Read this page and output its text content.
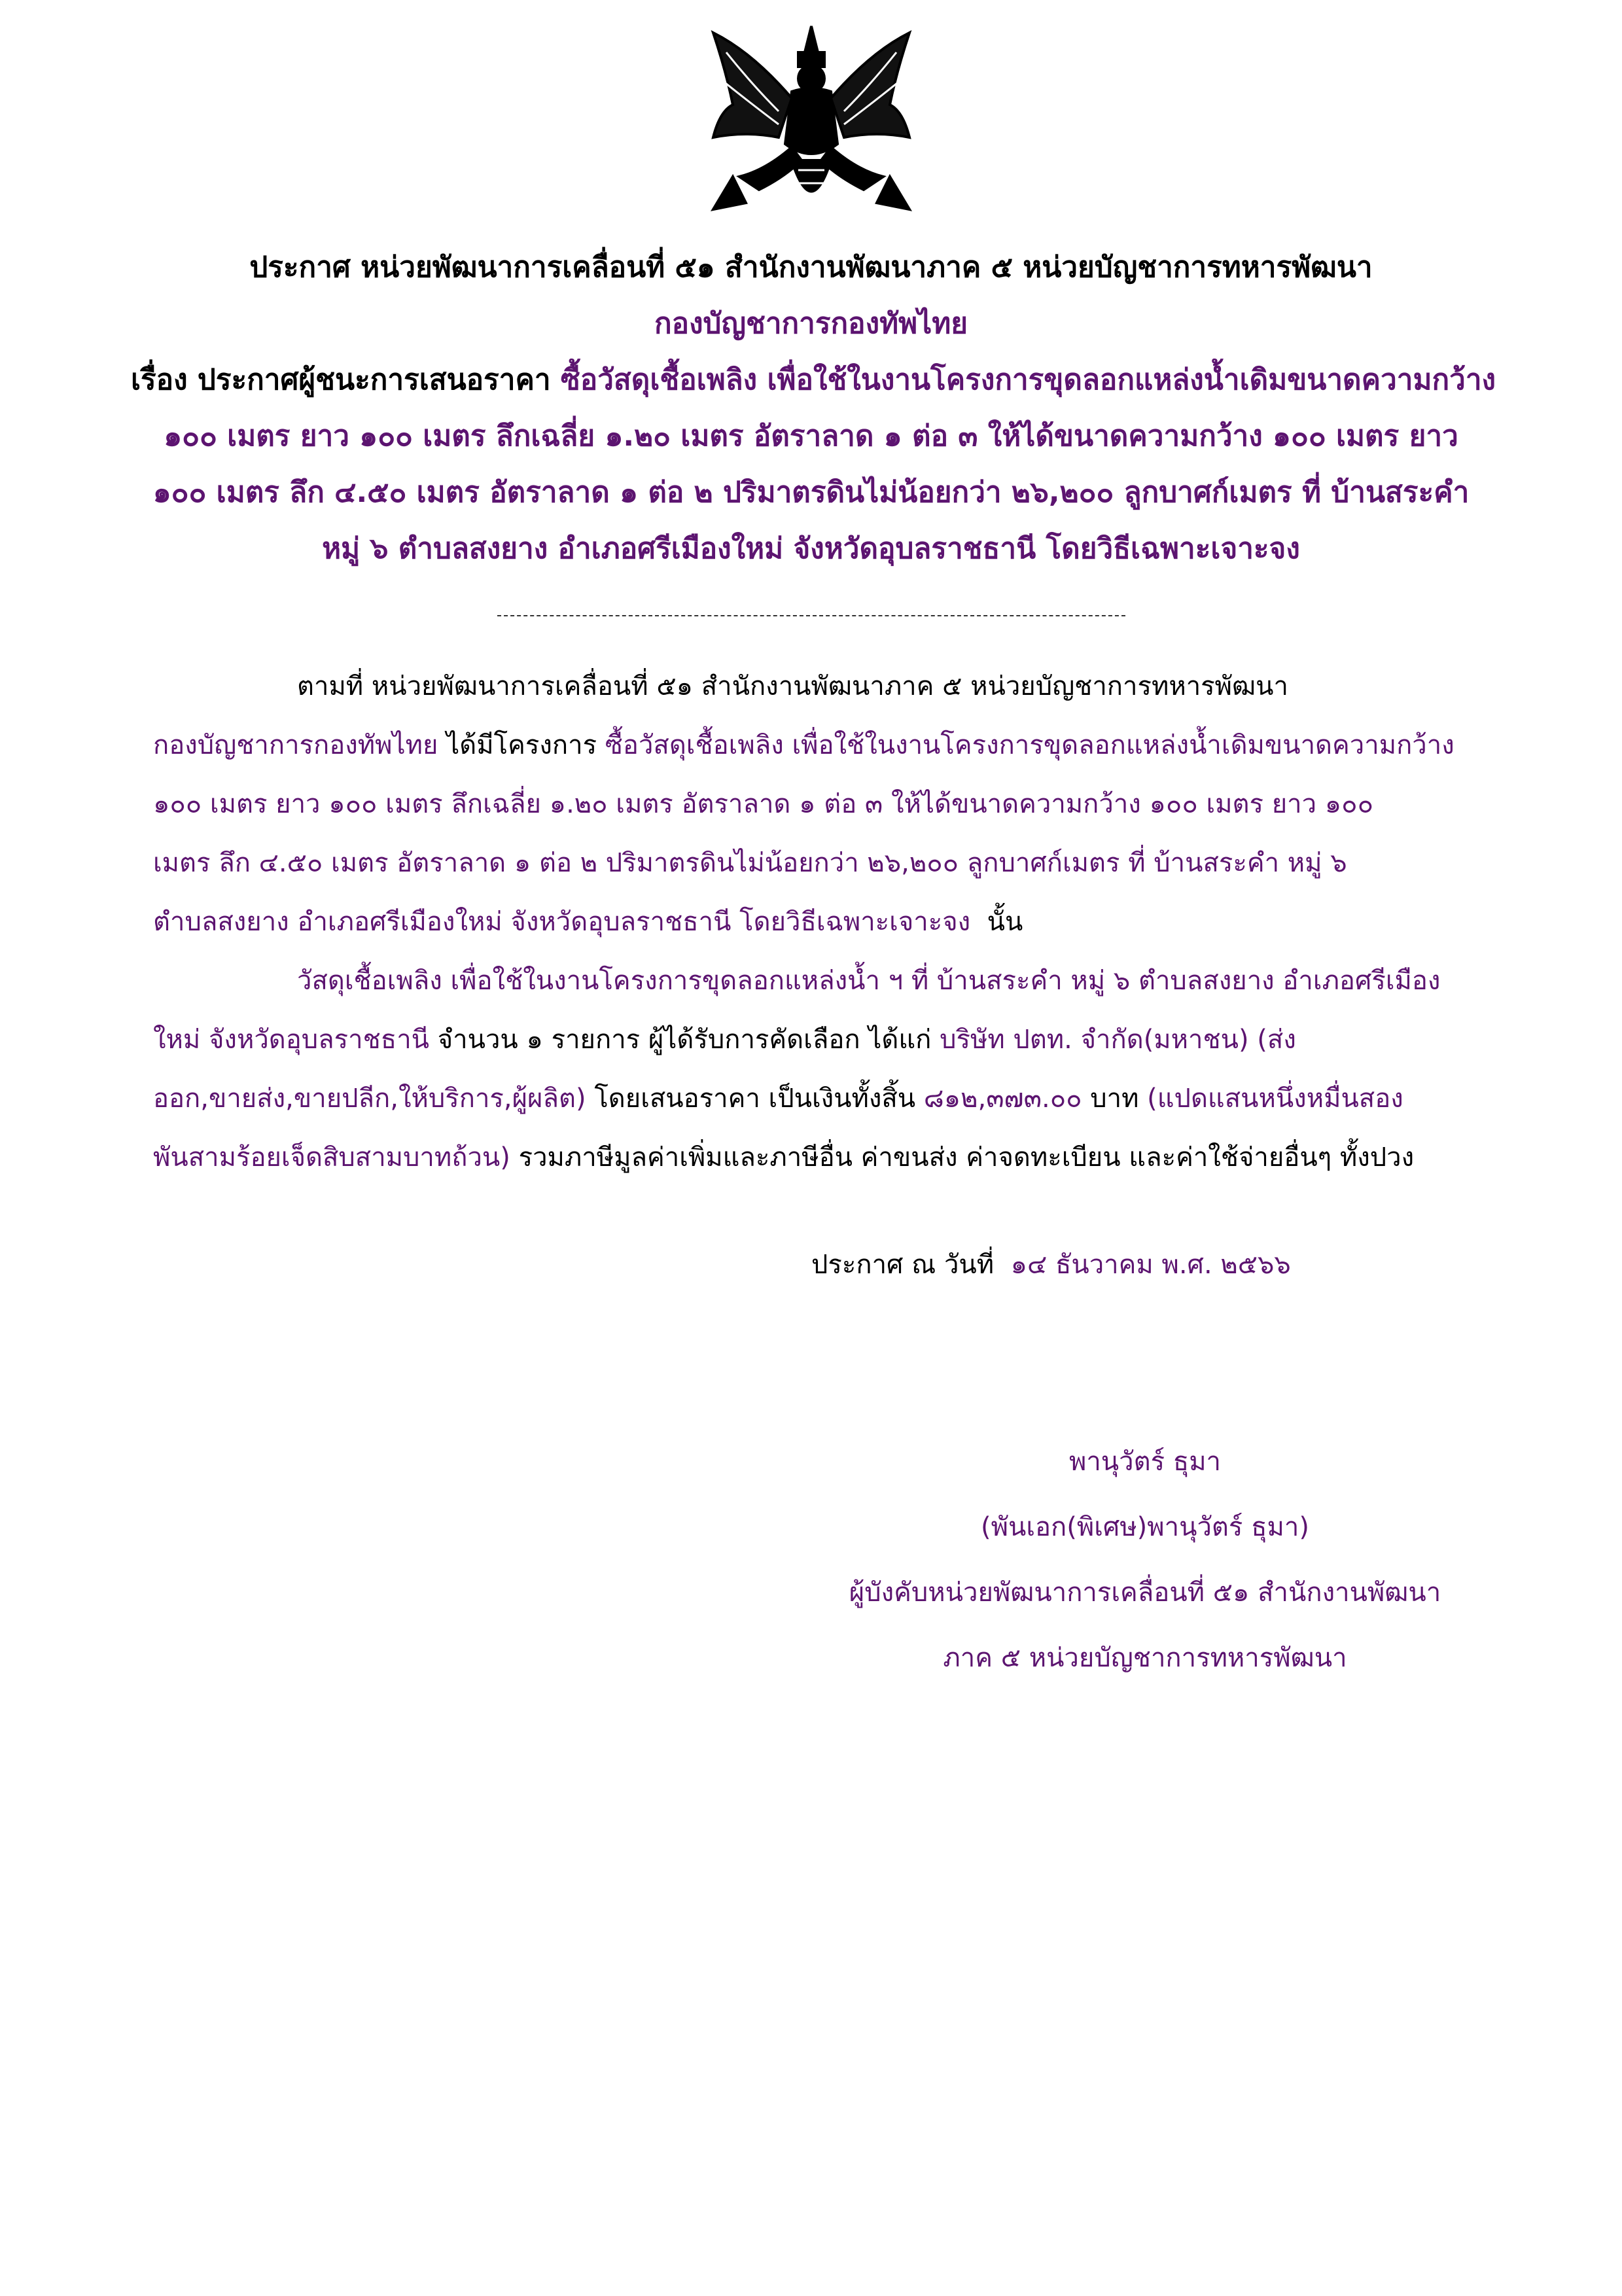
ประกาศ หน่วยพัฒนาการเคลื่อนที่ ๕๑ สำนักงานพัฒนาภาค ๕ หน่วยบัญชาการทหารพัฒนา
กองบัญชาการกองทัพไทย
เรื่อง ประกาศผู้ชนะการเสนอราคา ซื้อวัสดุเชื้อเพลิง เพื่อใช้ในงานโครงการขุดลอกแหล่งน้ำเดิมขนาดความกว้าง
๑๐๐ เมตร ยาว ๑๐๐ เมตร ลึกเฉลี่ย ๑.๒๐ เมตร อัตราลาด ๑ ต่อ ๓ ให้ได้ขนาดความกว้าง ๑๐๐ เมตร ยาว
๑๐๐ เมตร ลึก ๔.๕๐ เมตร อัตราลาด ๑ ต่อ ๒ ปริมาตรดินไม่น้อยกว่า ๒๖,๒๐๐ ลูกบาศก์เมตร ที่ บ้านสระคำ
หมู่ ๖ ตำบลสงยาง อำเภอศรีเมืองใหม่ จังหวัดอุบลราชธานี โดยวิธีเฉพาะเจาะจง
ตามที่ หน่วยพัฒนาการเคลื่อนที่ ๕๑ สำนักงานพัฒนาภาค ๕ หน่วยบัญชาการทหารพัฒนา
กองบัญชาการกองทัพไทย ได้มีโครงการ ซื้อวัสดุเชื้อเพลิง เพื่อใช้ในงานโครงการขุดลอกแหล่งน้ำเดิมขนาดความกว้าง
๑๐๐ เมตร ยาว ๑๐๐ เมตร ลึกเฉลี่ย ๑.๒๐ เมตร อัตราลาด ๑ ต่อ ๓ ให้ได้ขนาดความกว้าง ๑๐๐ เมตร ยาว ๑๐๐
เมตร ลึก ๔.๕๐ เมตร อัตราลาด ๑ ต่อ ๒ ปริมาตรดินไม่น้อยกว่า ๒๖,๒๐๐ ลูกบาศก์เมตร ที่ บ้านสระคำ หมู่ ๖
ตำบลสงยาง อำเภอศรีเมืองใหม่ จังหวัดอุบลราชธานี โดยวิธีเฉพาะเจาะจง นั้น
วัสดุเชื้อเพลิง เพื่อใช้ในงานโครงการขุดลอกแหล่งน้ำ ฯ ที่ บ้านสระคำ หมู่ ๖ ตำบลสงยาง อำเภอศรีเมือง
ใหม่ จังหวัดอุบลราชธานี จำนวน ๑ รายการ ผู้ได้รับการคัดเลือก ได้แก่ บริษัท ปตท. จำกัด(มหาชน) (ส่ง
ออก,ขายส่ง,ขายปลีก,ให้บริการ,ผู้ผลิต) โดยเสนอราคา เป็นเงินทั้งสิ้น ๘๑๒,๓๗๓.๐๐ บาท (แปดแสนหนึ่งหมื่นสอง
พันสามร้อยเจ็ดสิบสามบาทถ้วน) รวมภาษีมูลค่าเพิ่มและภาษีอื่น ค่าขนส่ง ค่าจดทะเบียน และค่าใช้จ่ายอื่นๆ ทั้งปวง
ประกาศ ณ วันที่ ๑๔ ธันวาคม พ.ศ. ๒๕๖๖
พานุวัตร์ ธุมา
(พันเอก(พิเศษ)พานุวัตร์ ธุมา)
ผู้บังคับหน่วยพัฒนาการเคลื่อนที่ ๕๑ สำนักงานพัฒนา
ภาค ๕ หน่วยบัญชาการทหารพัฒนา
